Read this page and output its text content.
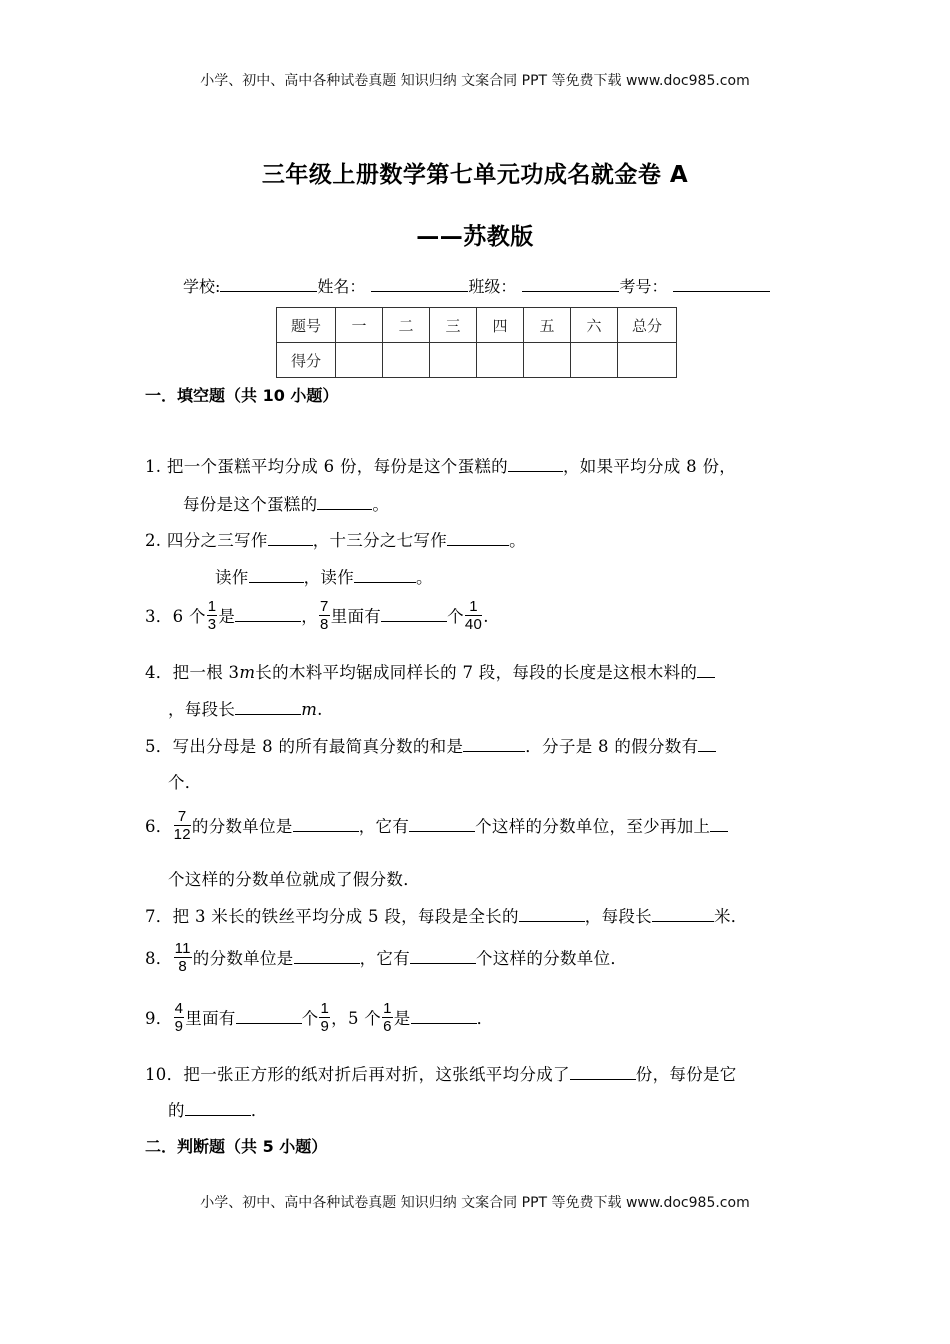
小学、初中、高中各种试卷真题 知识归纳 文案合同 PPT 等免费下载 www.doc985.com
三年级上册数学第七单元功成名就金卷 A
——苏教版
学校:	姓名：	班级：	考号：
题号	一	二	三	四	五	六	总分
得分							
一．填空题（共 10 小题）
1. 把一个蛋糕平均分成 6 份，每份是这个蛋糕的	，如果平均分成 8 份，
每份是这个蛋糕的	。
2. 四分之三写作	，十三分之七写作	。
读作	，读作	。
3．6 个 $\frac{1}{3}$ 是	， $\frac{7}{8}$ 里面有	个 $\frac{1}{40}$ .
4．把一根 3m长的木料平均锯成同样长的 7 段，每段的长度是这根木料的
，每段长	m.
5．写出分母是 8 的所有最简真分数的和是	．分子是 8 的假分数有
个．
6． $\frac{7}{12}$ 的分数单位是	，它有	个这样的分数单位，至少再加上
个这样的分数单位就成了假分数．
7．把 3 米长的铁丝平均分成 5 段，每段是全长的	，每段长	米．
8． $\frac{11}{8}$ 的分数单位是	，它有	个这样的分数单位．
9． $\frac{4}{9}$ 里面有	个 $\frac{1}{9}$ ，5 个 $\frac{1}{6}$ 是	．
10．把一张正方形的纸对折后再对折，这张纸平均分成了	份，每份是它
的	．
二．判断题（共 5 小题）
小学、初中、高中各种试卷真题 知识归纳 文案合同 PPT 等免费下载 www.doc985.com
